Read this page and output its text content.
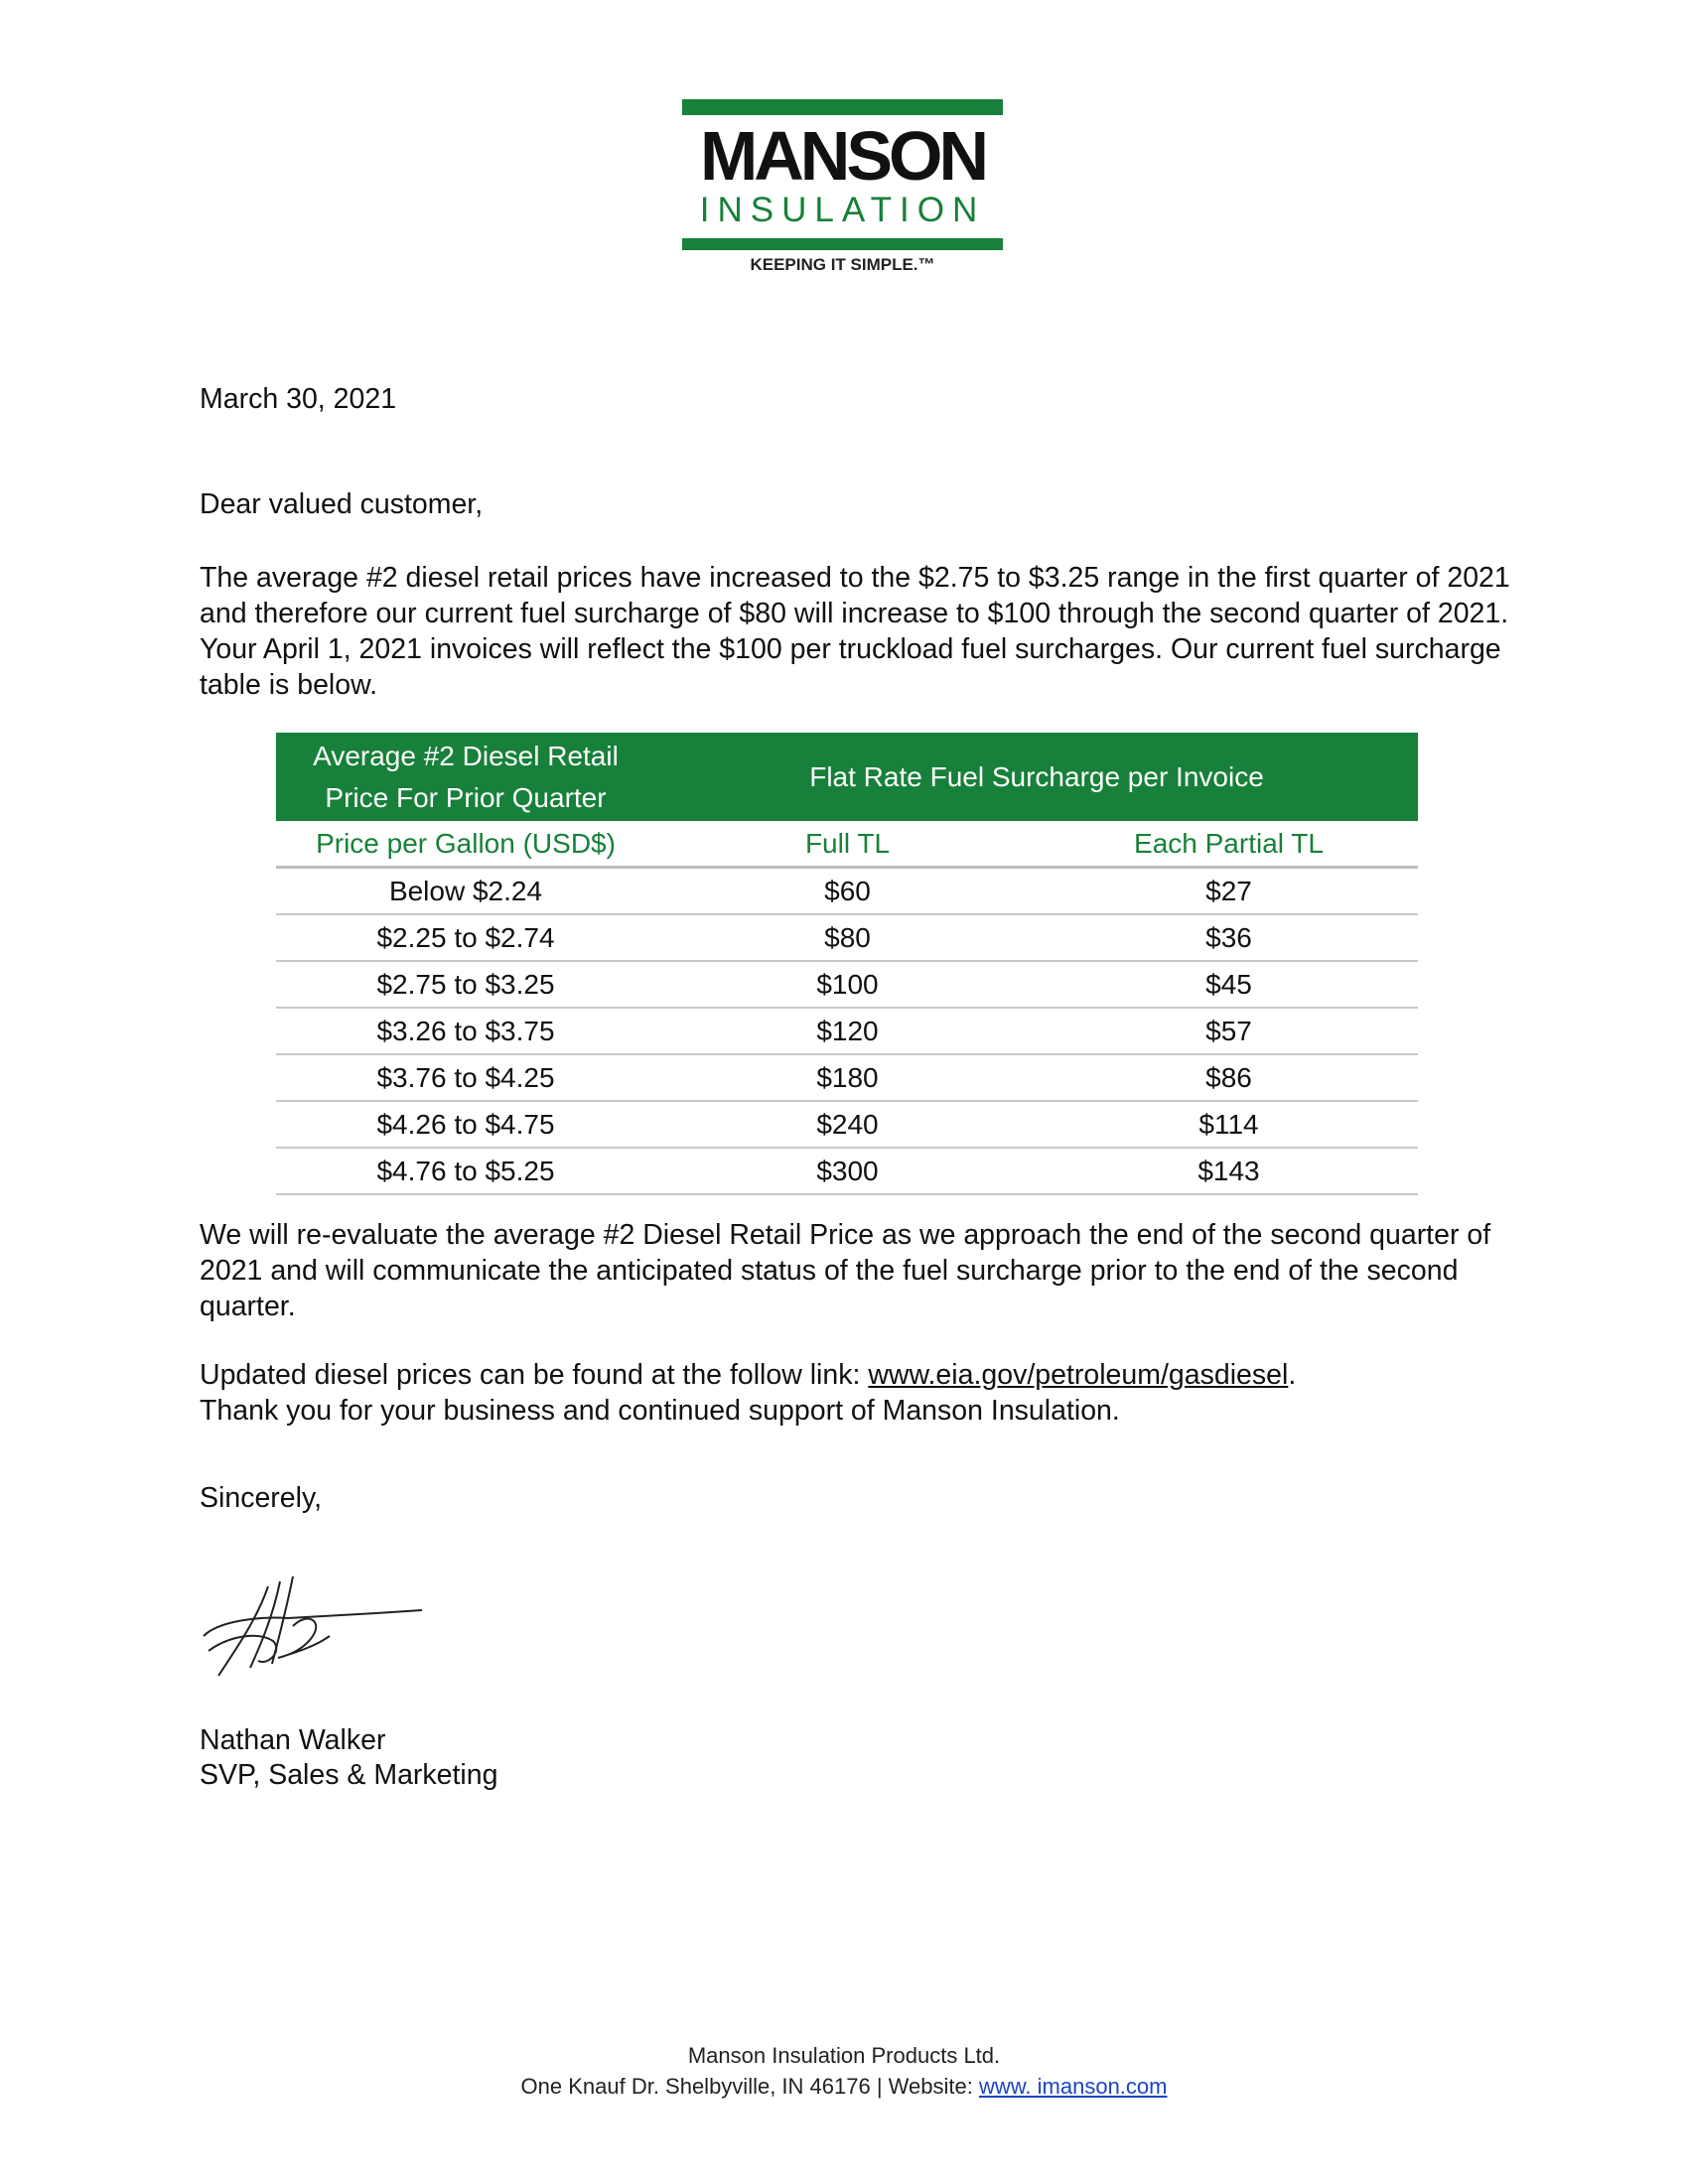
MANSON
INSULATION
KEEPING IT SIMPLE.™
March 30, 2021
Dear valued customer,
The average #2 diesel retail prices have increased to the $2.75 to $3.25 range in the first quarter of 2021 and therefore our current fuel surcharge of $80 will increase to $100 through the second quarter of 2021. Your April 1, 2021 invoices will reflect the $100 per truckload fuel surcharges. Our current fuel surcharge table is below.
Average #2 Diesel Retail
Price For Prior Quarter
Flat Rate Fuel Surcharge per Invoice
Price per Gallon (USD$)	Full TL	Each Partial TL
Below $2.24	$60	$27
$2.25 to $2.74	$80	$36
$2.75 to $3.25	$100	$45
$3.26 to $3.75	$120	$57
$3.76 to $4.25	$180	$86
$4.26 to $4.75	$240	$114
$4.76 to $5.25	$300	$143
We will re-evaluate the average #2 Diesel Retail Price as we approach the end of the second quarter of 2021 and will communicate the anticipated status of the fuel surcharge prior to the end of the second quarter.
Updated diesel prices can be found at the follow link: www.eia.gov/petroleum/gasdiesel.
Thank you for your business and continued support of Manson Insulation.
Sincerely,
Nathan Walker
SVP, Sales & Marketing
Manson Insulation Products Ltd.
One Knauf Dr. Shelbyville, IN 46176 | Website: www. imanson.com
